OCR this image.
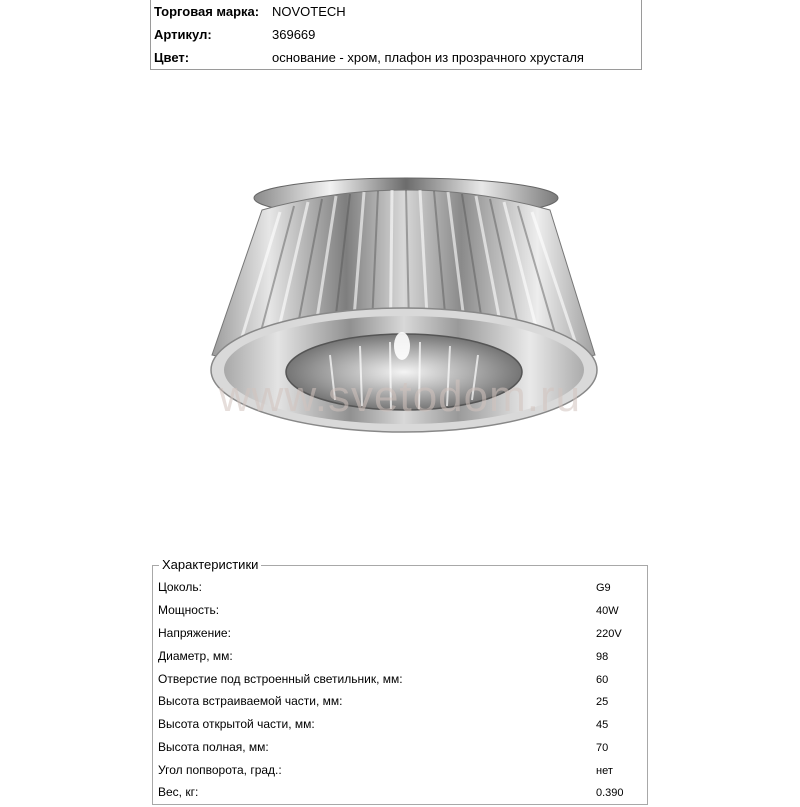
Торговая марка: NOVOTECH
Артикул:	369669
Цвет:	основание - хром, плафон из прозрачного хрусталя
www.svetodom.ru
Характеристики
Цоколь:	G9
Мощность:	40W
Напряжение:	220V
Диаметр, мм:	98
Отверстие под встроенный светильник, мм:	60
Высота встраиваемой части, мм:	25
Высота открытой части, мм:	45
Высота полная, мм:	70
Угол попворота, град.:	нет
Вес, кг:	0.390
